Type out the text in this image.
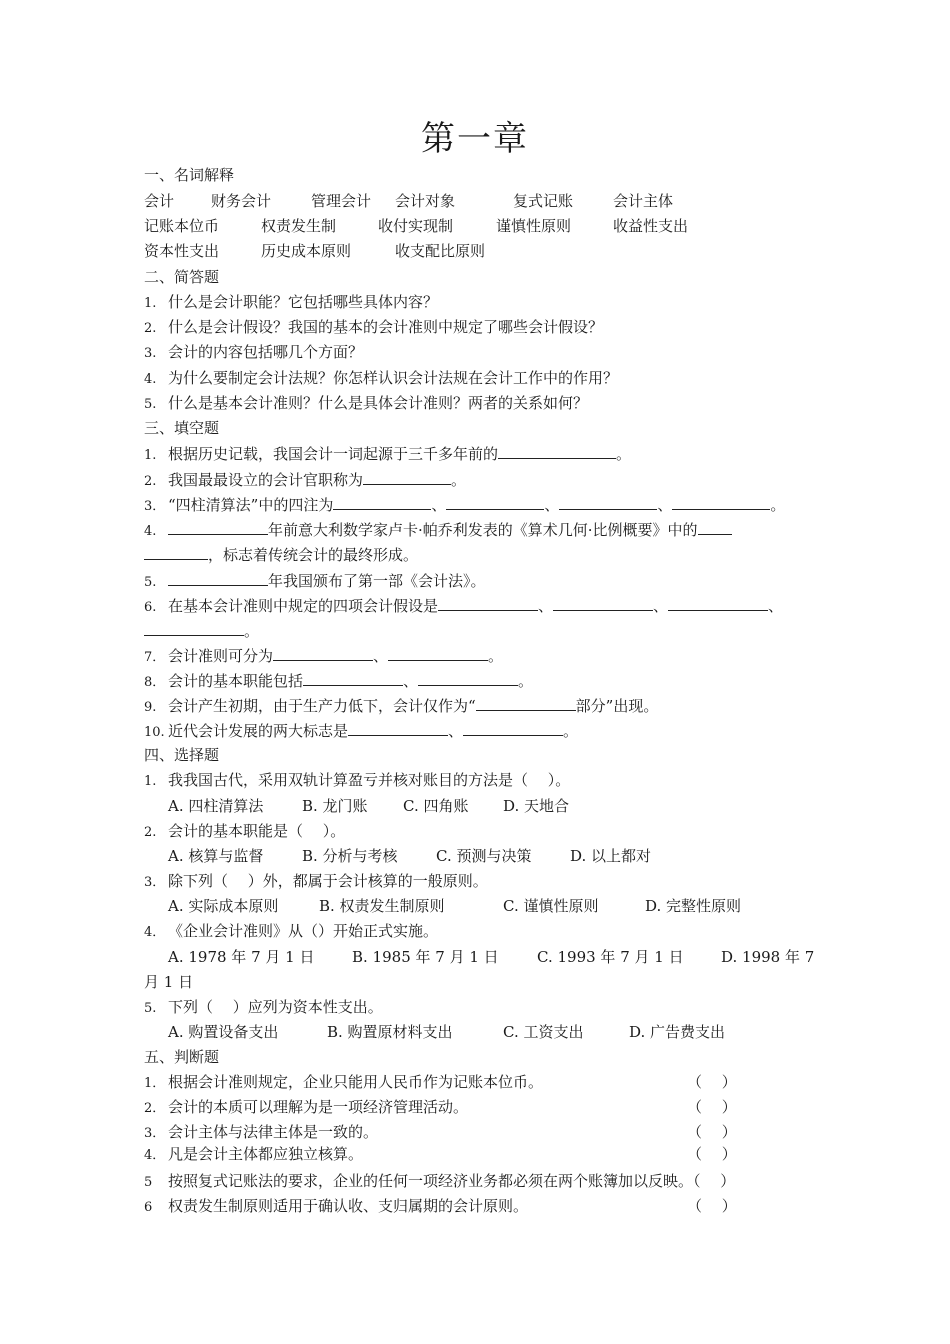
第一章
一、名词解释
会计 财务会计	管理会计 会计对象	复式记账	会计主体
记账本位币	权责发生制	收付实现制	谨慎性原则	收益性支出
资本性支出	历史成本原则	收支配比原则
二、简答题
1. 什么是会计职能？它包括哪些具体内容？
2. 什么是会计假设？我国的基本的会计准则中规定了哪些会计假设？
3. 会计的内容包括哪几个方面？
4. 为什么要制定会计法规？你怎样认识会计法规在会计工作中的作用？
5. 什么是基本会计准则？什么是具体会计准则？两者的关系如何？
三、填空题
1. 根据历史记载，我国会计一词起源于三千多年前的	。
2. 我国最最设立的会计官职称为	。
3． “四柱清算法”中的四注为	、	、	、	。
4.	年前意大利数学家卢卡·帕乔利发表的《算术几何·比例概要》中的
，标志着传统会计的最终形成。
5.	年我国颁布了第一部《会计法》。
6. 在基本会计准则中规定的四项会计假设是	、	、	、
。
7． 会计准则可分为	、	。
8． 会计的基本职能包括	、	。
9. 会计产生初期，由于生产力低下，会计仅作为“	部分”出现。
10. 近代会计发展的两大标志是	、	。
四、选择题
1. 我我国古代，采用双轨计算盈亏并核对账目的方法是（　 ）。
A. 四柱清算法	B. 龙门账 C. 四角账 D. 天地合
2. 会计的基本职能是（　 ）。
A. 核算与监督	B. 分析与考核	C. 预测与决策	D. 以上都对
3． 除下列（　 ）外，都属于会计核算的一般原则。
A. 实际成本原则	B. 权责发生制原则	C. 谨慎性原则	D. 完整性原则
4． 《企业会计准则》从（）开始正式实施。
A. 1978 年 7 月 1 日	B. 1985 年 7 月 1 日	C. 1993 年 7 月 1 日 D. 1998 年 7
月 1 日
5. 下列（　 ）应列为资本性支出。
A. 购置设备支出	B. 购置原材料支出	C. 工资支出	D. 广告费支出
五、判断题
1． 根据会计准则规定，企业只能用人民币作为记账本位币。	（　 ）
2． 会计的本质可以理解为是一项经济管理活动。	（　 ）
3． 会计主体与法律主体是一致的。	（　 ）
4． 凡是会计主体都应独立核算。	（　 ）
5 按照复式记账法的要求，企业的任何一项经济业务都必须在两个账簿加以反映。（　 ）
6 权责发生制原则适用于确认收、支归属期的会计原则。	（　 ）
